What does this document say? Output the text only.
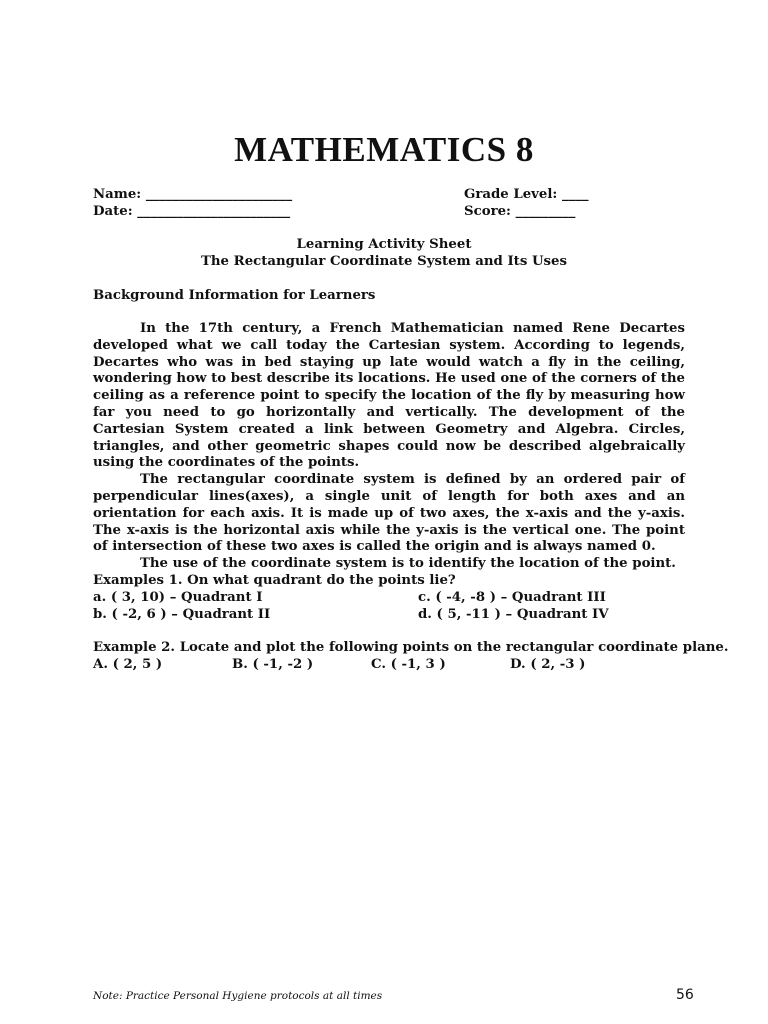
MATHEMATICS 8
Name: ______________________	Grade Level: ____
Date: _______________________	Score: _________
Learning Activity Sheet
The Rectangular Coordinate System and Its Uses
Background Information for Learners

In the 17th century, a French Mathematician named Rene Decartes developed what we call today the Cartesian system. According to legends, Decartes who was in bed staying up late would watch a fly in the ceiling, wondering how to best describe its locations. He used one of the corners of the ceiling as a reference point to specify the location of the fly by measuring how far you need to go horizontally and vertically. The development of the Cartesian System created a link between Geometry and Algebra. Circles, triangles, and other geometric shapes could now be described algebraically using the coordinates of the points.

The rectangular coordinate system is defined by an ordered pair of perpendicular lines(axes), a single unit of length for both axes and an orientation for each axis. It is made up of two axes, the x-axis and the y-axis. The x-axis is the horizontal axis while the y-axis is the vertical one. The point of intersection of these two axes is called the origin and is always named 0.

The use of the coordinate system is to identify the location of the point.

Examples 1. On what quadrant do the points lie?
a. ( 3, 10) – Quadrant I	c. ( -4, -8 ) – Quadrant III
b. ( -2, 6 ) – Quadrant II	d. ( 5, -11 ) – Quadrant IV
Example 2. Locate and plot the following points on the rectangular coordinate plane.
A. ( 2, 5 )	B. ( -1, -2 )	C. ( -1, 3 )	D. ( 2, -3 )
Note: Practice Personal Hygiene protocols at all times	56
